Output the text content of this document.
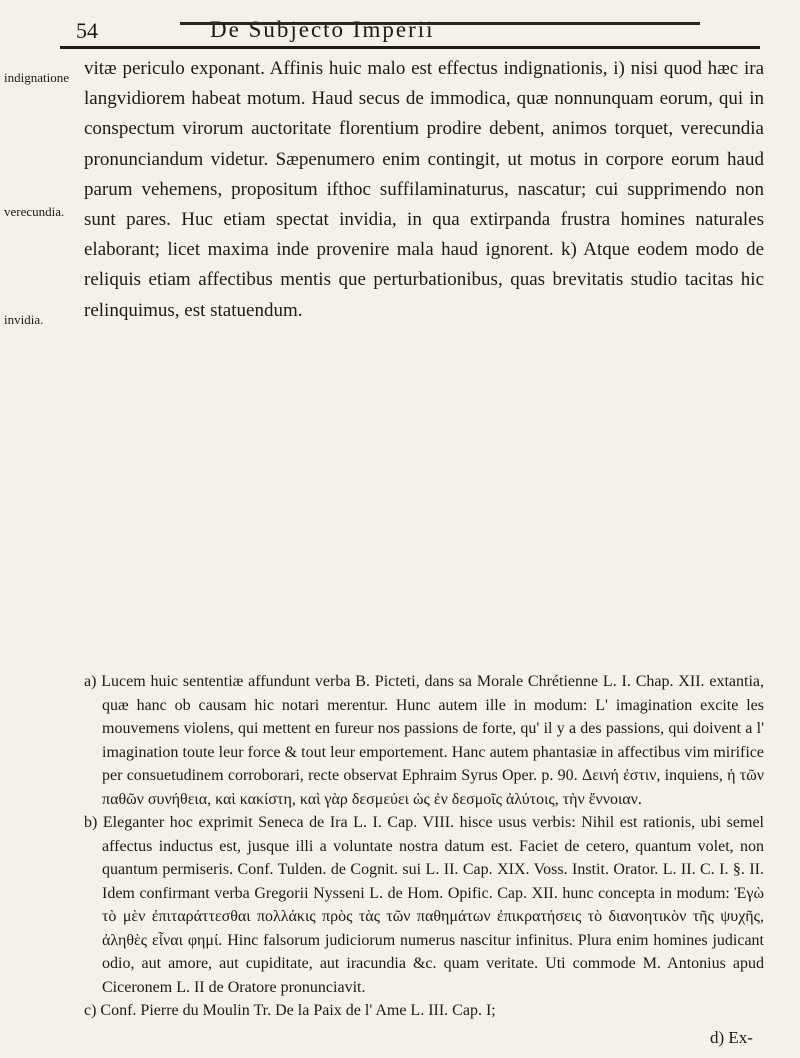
54	De Subjecto Imperii
indignatione
verecundia.
invidia.

vitæ periculo exponant. Affinis huic malo est effectus indignationis, i) nisi quod hæc ira langvidiorem habeat motum. Haud secus de immodica, quæ nonnunquam eorum, qui in conspectum virorum auctoritate florentium prodire debent, animos torquet, verecundia pronunciandum videtur. Sæpenumero enim contingit, ut motus in corpore eorum haud parum vehemens, propositum ifthoc suffilaminaturus, nascatur; cui supprimendo non sunt pares. Huc etiam spectat invidia, in qua extirpanda frustra homines naturales elaborant; licet maxima inde provenire mala haud ignorent. k) Atque eodem modo de reliquis etiam affectibus mentis que perturbationibus, quas brevitatis studio tacitas hic relinquimus, est statuendum.

a) Lucem huic sententiæ affundunt verba B. Picteti, dans sa Morale Chrétienne L. I. Chap. XII. extantia, quæ hanc ob causam hic notari merentur. Hunc autem ille in modum: L' imagination excite les mouvemens violens, qui mettent en fureur nos passions de forte, qu' il y a des passions, qui doivent a l' imagination toute leur force & tout leur emportement. Hanc autem phantasiæ in affectibus vim mirifice per consuetudinem corroborari, recte observat Ephraim Syrus Oper. p. 90. Δεινή ἐστιν, inquiens, ἡ τῶν παθῶν συνήθεια, καὶ κακίστη, καὶ γὰρ δεσμεύει ὡς ἐν δεσμοῖς ἀλύτοις, τὴν ἔννοιαν.

b) Eleganter hoc exprimit Seneca de Ira L. I. Cap. VIII. hisce usus verbis: Nihil est rationis, ubi semel affectus inductus est, jusque illi a voluntate nostra datum est. Faciet de cetero, quantum volet, non quantum permiseris. Conf. Tulden. de Cognit. sui L. II. Cap. XIX. Voss. Instit. Orator. L. II. C. I. §. II. Idem confirmant verba Gregorii Nysseni L. de Hom. Opific. Cap. XII. hunc concepta in modum: Ἐγὼ τὸ μὲν ἐπιταράττεσθαι πολλάκις πρὸς τὰς τῶν παθημάτων ἐπικρατήσεις τὸ διανοητικὸν τῆς ψυχῆς, ἀληθὲς εἶναι φημί. Hinc falsorum judiciorum numerus nascitur infinitus. Plura enim homines judicant odio, aut amore, aut cupiditate, aut iracundia &c. quam veritate. Uti commode M. Antonius apud Ciceronem L. II de Oratore pronunciavit.

c) Conf. Pierre du Moulin Tr. De la Paix de l' Ame L. III. Cap. I;

d) Ex-
